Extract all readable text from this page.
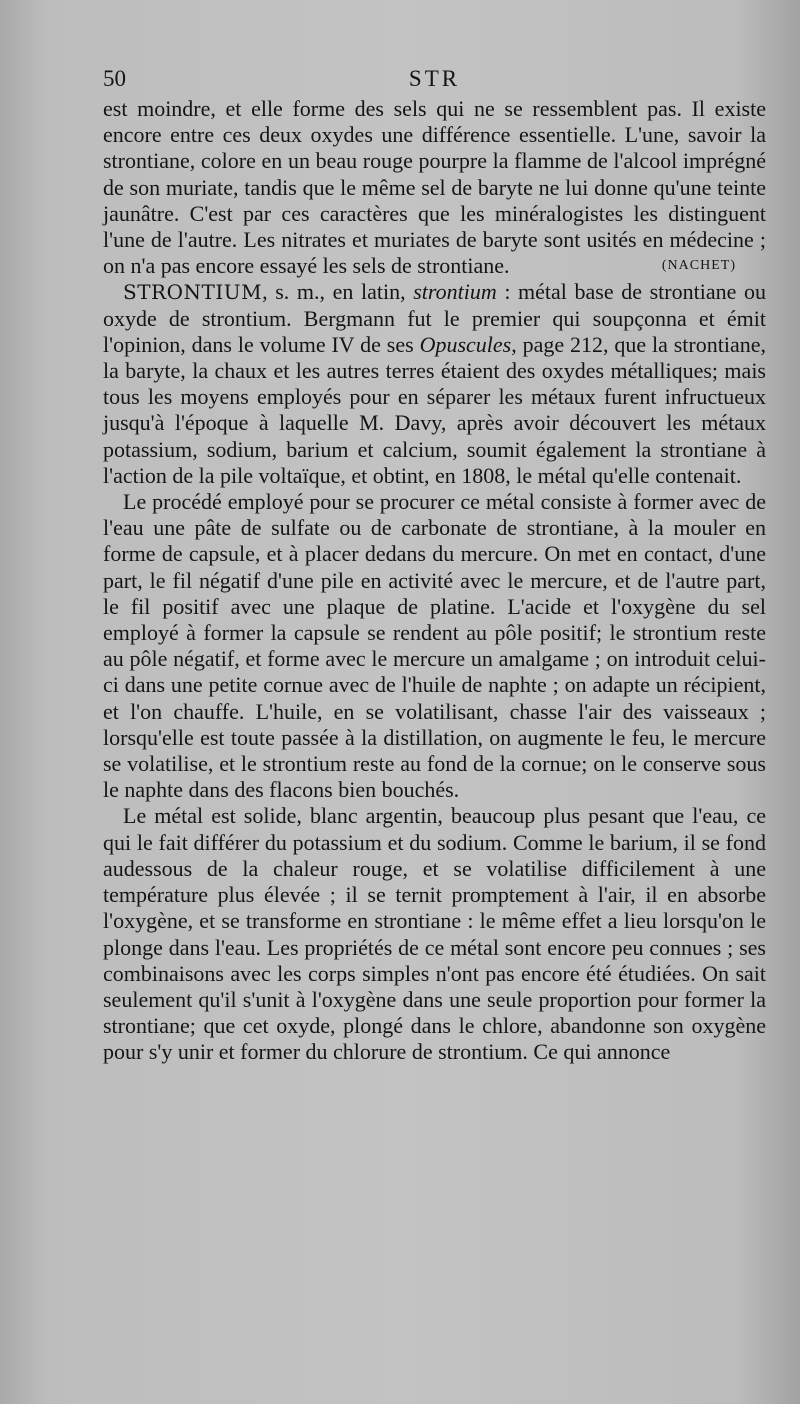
50	STR

est moindre, et elle forme des sels qui ne se ressemblent pas. Il existe encore entre ces deux oxydes une différence essentielle. L'une, savoir la strontiane, colore en un beau rouge pourpre la flamme de l'alcool imprégné de son muriate, tandis que le même sel de baryte ne lui donne qu'une teinte jaunâtre. C'est par ces caractères que les minéralogistes les distinguent l'une de l'autre. Les nitrates et muriates de baryte sont usités en médecine ; on n'a pas encore essayé les sels de strontiane.	(NACHET)

STRONTIUM, s. m., en latin, strontium : métal base de strontiane ou oxyde de strontium. Bergmann fut le premier qui soupçonna et émit l'opinion, dans le volume IV de ses Opuscules, page 212, que la strontiane, la baryte, la chaux et les autres terres étaient des oxydes métalliques; mais tous les moyens employés pour en séparer les métaux furent infructueux jusqu'à l'époque à laquelle M. Davy, après avoir découvert les métaux potassium, sodium, barium et calcium, soumit également la strontiane à l'action de la pile voltaïque, et obtint, en 1808, le métal qu'elle contenait.

Le procédé employé pour se procurer ce métal consiste à former avec de l'eau une pâte de sulfate ou de carbonate de strontiane, à la mouler en forme de capsule, et à placer dedans du mercure. On met en contact, d'une part, le fil négatif d'une pile en activité avec le mercure, et de l'autre part, le fil positif avec une plaque de platine. L'acide et l'oxygène du sel employé à former la capsule se rendent au pôle positif; le strontium reste au pôle négatif, et forme avec le mercure un amalgame ; on introduit celui-ci dans une petite cornue avec de l'huile de naphte ; on adapte un récipient, et l'on chauffe. L'huile, en se volatilisant, chasse l'air des vaisseaux ; lorsqu'elle est toute passée à la distillation, on augmente le feu, le mercure se volatilise, et le strontium reste au fond de la cornue; on le conserve sous le naphte dans des flacons bien bouchés.

Le métal est solide, blanc argentin, beaucoup plus pesant que l'eau, ce qui le fait différer du potassium et du sodium. Comme le barium, il se fond audessous de la chaleur rouge, et se volatilise difficilement à une température plus élevée ; il se ternit promptement à l'air, il en absorbe l'oxygène, et se transforme en strontiane : le même effet a lieu lorsqu'on le plonge dans l'eau. Les propriétés de ce métal sont encore peu connues ; ses combinaisons avec les corps simples n'ont pas encore été étudiées. On sait seulement qu'il s'unit à l'oxygène dans une seule proportion pour former la strontiane; que cet oxyde, plongé dans le chlore, abandonne son oxygène pour s'y unir et former du chlorure de strontium. Ce qui annonce
